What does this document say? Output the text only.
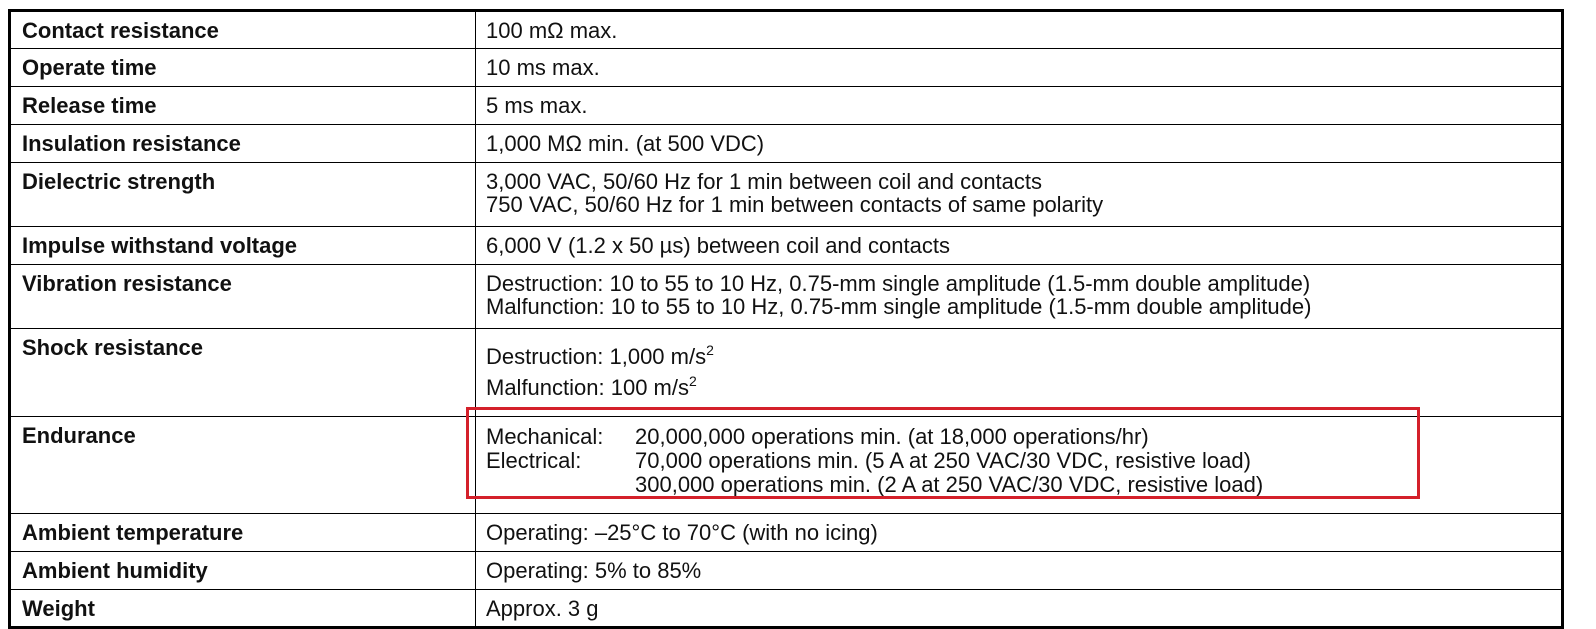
Contact resistance	100 mΩ max.
Operate time	10 ms max.
Release time	5 ms max.
Insulation resistance	1,000 MΩ min. (at 500 VDC)
Dielectric strength	3,000 VAC, 50/60 Hz for 1 min between coil and contacts
750 VAC, 50/60 Hz for 1 min between contacts of same polarity

Impulse withstand voltage	6,000 V (1.2 x 50 µs) between coil and contacts
Vibration resistance	Destruction: 10 to 55 to 10 Hz, 0.75-mm single amplitude (1.5-mm double amplitude)
Malfunction: 10 to 55 to 10 Hz, 0.75-mm single amplitude (1.5-mm double amplitude)

Shock resistance	Destruction: 1,000 $m/s^2$
Malfunction: 100 $m/s^2$

Endurance	Mechanical: 20,000,000 operations min. (at 18,000 operations/hr)
Electrical: 70,000 operations min. (5 A at 250 VAC/30 VDC, resistive load)
300,000 operations min. (2 A at 250 VAC/30 VDC, resistive load)

Ambient temperature	Operating: –25°C to 70°C (with no icing)
Ambient humidity	Operating: 5% to 85%
Weight	Approx. 3 g
